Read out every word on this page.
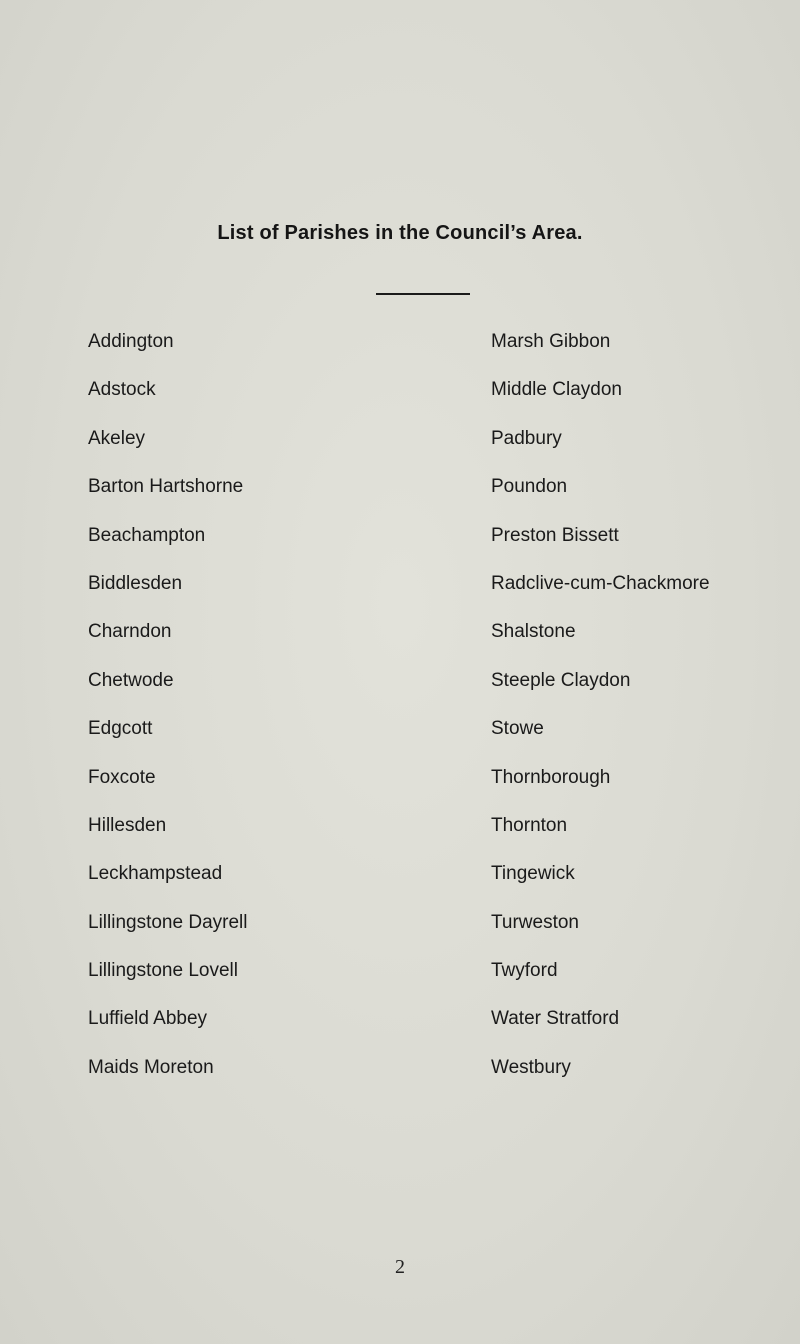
List of Parishes in the Council’s Area.
Addington
Adstock
Akeley
Barton Hartshorne
Beachampton
Biddlesden
Charndon
Chetwode
Edgcott
Foxcote
Hillesden
Leckhampstead
Lillingstone Dayrell
Lillingstone Lovell
Luffield Abbey
Maids Moreton
Marsh Gibbon
Middle Claydon
Padbury
Poundon
Preston Bissett
Radclive-cum-Chackmore
Shalstone
Steeple Claydon
Stowe
Thornborough
Thornton
Tingewick
Turweston
Twyford
Water Stratford
Westbury
2
